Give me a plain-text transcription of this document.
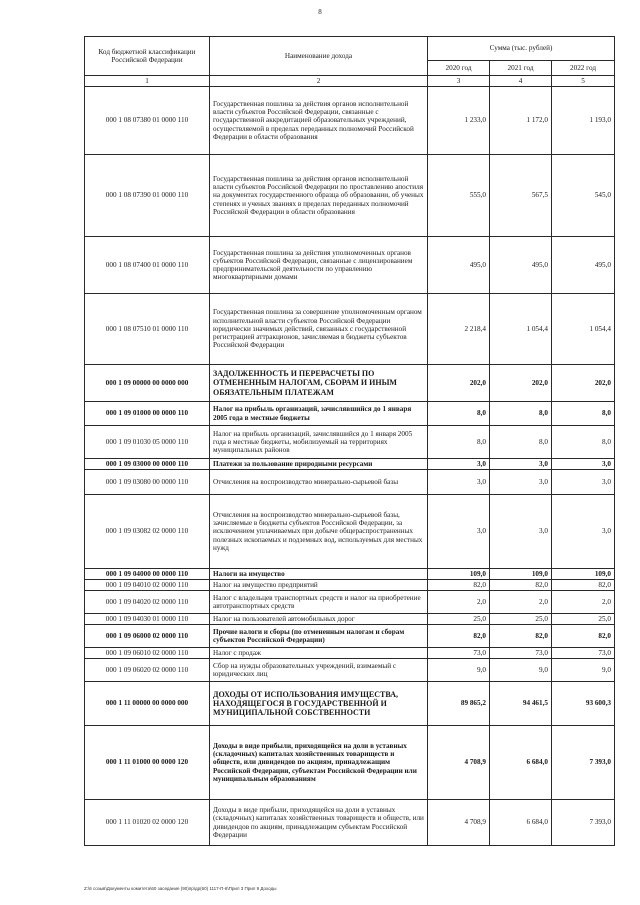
8
Код бюджетной классификации Российской Федерации	Наименование дохода	Сумма (тыс. рублей)		
		2020 год	2021 год	2022 год
1	2	3	4	5
000 1 08 07380 01 0000 110	Государственная пошлина за действия органов исполнительной власти субъектов Российской Федерации, связанные с государственной аккредитацией образовательных учреждений, осуществляемой в пределах переданных полномочий Российской Федерации в области образования	1 233,0	1 172,0	1 193,0
000 1 08 07390 01 0000 110	Государственная пошлина за действия органов исполнительной власти субъектов Российской Федерации по проставлению апостиля на документах государственного образца об образовании, об ученых степенях и ученых званиях в пределах переданных полномочий Российской Федерации в области образования	555,0	567,5	545,0
000 1 08 07400 01 0000 110	Государственная пошлина за действия уполномоченных органов субъектов Российской Федерации, связанные с лицензированием предпринимательской деятельности по управлению многоквартирными домами	495,0	495,0	495,0
000 1 08 07510 01 0000 110	Государственная пошлина за совершение уполномоченным органом исполнительной власти субъектов Российской Федерации юридически значимых действий, связанных с государственной регистрацией аттракционов, зачисляемая в бюджеты субъектов Российской Федерации	2 218,4	1 054,4	1 054,4
000 1 09 00000 00 0000 000	ЗАДОЛЖЕННОСТЬ И ПЕРЕРАСЧЕТЫ ПО ОТМЕНЕННЫМ НАЛОГАМ, СБОРАМ И ИНЫМ ОБЯЗАТЕЛЬНЫМ ПЛАТЕЖАМ	202,0	202,0	202,0
000 1 09 01000 00 0000 110	Налог на прибыль организаций, зачислявшийся до 1 января 2005 года в местные бюджеты	8,0	8,0	8,0
000 1 09 01030 05 0000 110	Налог на прибыль организаций, зачислявшийся до 1 января 2005 года в местные бюджеты, мобилизуемый на территориях муниципальных районов	8,0	8,0	8,0
000 1 09 03000 00 0000 110	Платежи за пользование природными ресурсами	3,0	3,0	3,0
000 1 09 03080 00 0000 110	Отчисления на воспроизводство минерально-сырьевой базы	3,0	3,0	3,0
000 1 09 03082 02 0000 110	Отчисления на воспроизводство минерально-сырьевой базы, зачисляемые в бюджеты субъектов Российской Федерации, за исключением уплачиваемых при добыче общераспространенных полезных ископаемых и подземных вод, используемых для местных нужд	3,0	3,0	3,0
000 1 09 04000 00 0000 110	Налоги на имущество	109,0	109,0	109,0
000 1 09 04010 02 0000 110	Налог на имущество предприятий	82,0	82,0	82,0
000 1 09 04020 02 0000 110	Налог с владельцев транспортных средств и налог на приобретение автотранспортных средств	2,0	2,0	2,0
000 1 09 04030 01 0000 110	Налог на пользователей автомобильных дорог	25,0	25,0	25,0
000 1 09 06000 02 0000 110	Прочие налоги и сборы (по отмененным налогам и сборам субъектов Российской Федерации)	82,0	82,0	82,0
000 1 09 06010 02 0000 110	Налог с продаж	73,0	73,0	73,0
000 1 09 06020 02 0000 110	Сбор на нужды образовательных учреждений, взимаемый с юридических лиц	9,0	9,0	9,0
000 1 11 00000 00 0000 000	ДОХОДЫ ОТ ИСПОЛЬЗОВАНИЯ ИМУЩЕСТВА, НАХОДЯЩЕГОСЯ В ГОСУДАРСТВЕННОЙ И МУНИЦИПАЛЬНОЙ СОБСТВЕННОСТИ	89 865,2	94 461,5	93 600,3
000 1 11 01000 00 0000 120	Доходы в виде прибыли, приходящейся на доли в уставных (складочных) капиталах хозяйственных товариществ и обществ, или дивидендов по акциям, принадлежащим Российской Федерации, субъектам Российской Федерации или муниципальным образованиям	4 708,9	6 684,0	7 393,0
000 1 11 01020 02 0000 120	Доходы в виде прибыли, приходящейся на доли в уставных (складочных) капиталах хозяйственных товариществ и обществ, или дивидендов по акциям, принадлежащим субъектам Российской Федерации	4 708,9	6 684,0	7 393,0
Z:\6 созыв\Документы комитета\60 заседание (90)пр\др(60) 1117-П-6\Прил 3 Прил 9 Доходы
